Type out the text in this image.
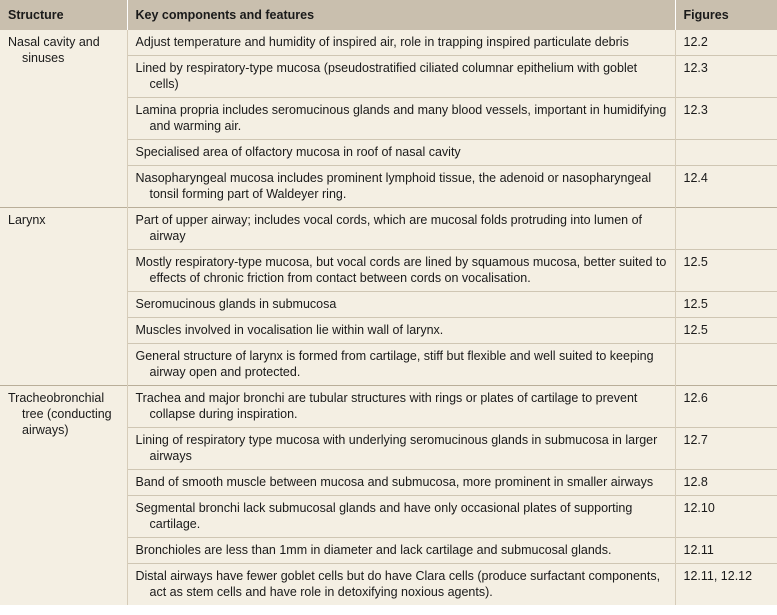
Structure	Key components and features	Figures

Nasal cavity and sinuses	Adjust temperature and humidity of inspired air, role in trapping inspired particulate debris	12.2

	Lined by respiratory-type mucosa (pseudostratified ciliated columnar epithelium with goblet cells)	12.3

	Lamina propria includes seromucinous glands and many blood vessels, important in humidifying and warming air.	12.3

	Specialised area of olfactory mucosa in roof of nasal cavity	

	Nasopharyngeal mucosa includes prominent lymphoid tissue, the adenoid or nasopharyngeal tonsil forming part of Waldeyer ring.	12.4

Larynx	Part of upper airway; includes vocal cords, which are mucosal folds protruding into lumen of airway	

	Mostly respiratory-type mucosa, but vocal cords are lined by squamous mucosa, better suited to effects of chronic friction from contact between cords on vocalisation.	12.5

	Seromucinous glands in submucosa	12.5

	Muscles involved in vocalisation lie within wall of larynx.	12.5

	General structure of larynx is formed from cartilage, stiff but flexible and well suited to keeping airway open and protected.	

Tracheobronchial tree (conducting airways)	Trachea and major bronchi are tubular structures with rings or plates of cartilage to prevent collapse during inspiration.	12.6

	Lining of respiratory type mucosa with underlying seromucinous glands in submucosa in larger airways	12.7

	Band of smooth muscle between mucosa and submucosa, more prominent in smaller airways	12.8

	Segmental bronchi lack submucosal glands and have only occasional plates of supporting cartilage.	12.10

	Bronchioles are less than 1mm in diameter and lack cartilage and submucosal glands.	12.11

	Distal airways have fewer goblet cells but do have Clara cells (produce surfactant components, act as stem cells and have role in detoxifying noxious agents).	12.11, 12.12
